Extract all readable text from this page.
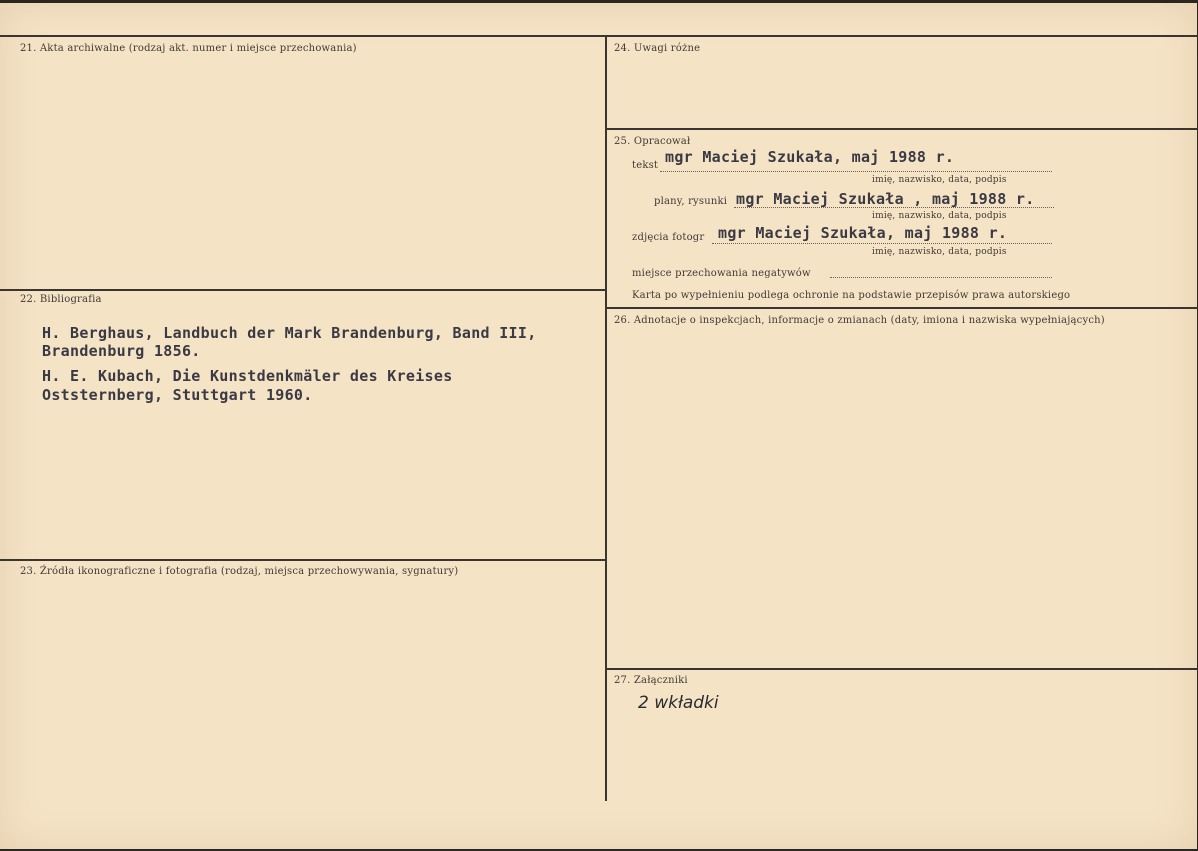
21. Akta archiwalne (rodzaj akt. numer i miejsce przechowania)
22. Bibliografia
H. Berghaus, Landbuch der Mark Brandenburg, Band III,
Brandenburg 1856.
H. E. Kubach, Die Kunstdenkmäler des Kreises
Oststernberg, Stuttgart 1960.
23. Źródła ikonograficzne i fotografia (rodzaj, miejsca przechowywania, sygnatury)
24. Uwagi różne
25. Opracował
tekst mgr Maciej Szukała, maj 1988 r.
imię, nazwisko, data, podpis
plany, rysunki mgr Maciej Szukała , maj 1988 r.
imię, nazwisko, data, podpis
zdjęcia fotogr mgr Maciej Szukała, maj 1988 r.
imię, nazwisko, data, podpis
miejsce przechowania negatywów
Karta po wypełnieniu podlega ochronie na podstawie przepisów prawa autorskiego
26. Adnotacje o inspekcjach, informacje o zmianach (daty, imiona i nazwiska wypełniających)
27. Załączniki
2 wkładki
